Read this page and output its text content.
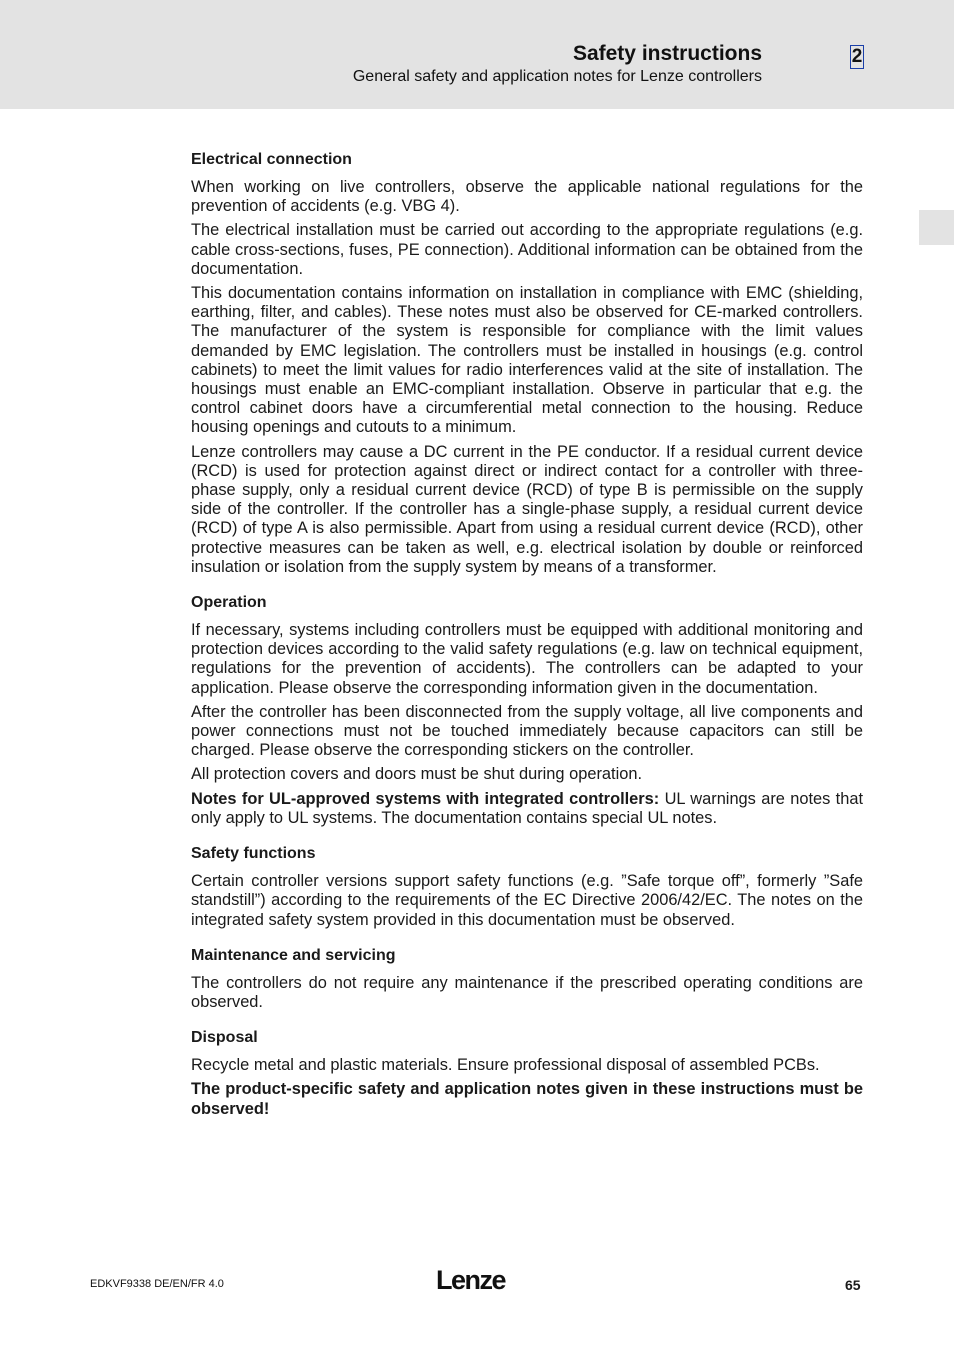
Safety instructions
General safety and application notes for Lenze controllers
2
Electrical connection

When working on live controllers, observe the applicable national regulations for the prevention of accidents (e.g. VBG 4).

The electrical installation must be carried out according to the appropriate regulations (e.g. cable cross-sections, fuses, PE connection). Additional information can be obtained from the documentation.

This documentation contains information on installation in compliance with EMC (shielding, earthing, filter, and cables). These notes must also be observed for CE-marked controllers. The manufacturer of the system is responsible for compliance with the limit values demanded by EMC legislation. The controllers must be installed in housings (e.g. control cabinets) to meet the limit values for radio interferences valid at the site of installation. The housings must enable an EMC-compliant installation. Observe in particular that e.g. the control cabinet doors have a circumferential metal connection to the housing. Reduce housing openings and cutouts to a minimum.

Lenze controllers may cause a DC current in the PE conductor. If a residual current device (RCD) is used for protection against direct or indirect contact for a controller with three-phase supply, only a residual current device (RCD) of type B is permissible on the supply side of the controller. If the controller has a single-phase supply, a residual current device (RCD) of type A is also permissible. Apart from using a residual current device (RCD), other protective measures can be taken as well, e.g. electrical isolation by double or reinforced insulation or isolation from the supply system by means of a transformer.

Operation

If necessary, systems including controllers must be equipped with additional monitoring and protection devices according to the valid safety regulations (e.g. law on technical equipment, regulations for the prevention of accidents). The controllers can be adapted to your application. Please observe the corresponding information given in the documentation.

After the controller has been disconnected from the supply voltage, all live components and power connections must not be touched immediately because capacitors can still be charged. Please observe the corresponding stickers on the controller.

All protection covers and doors must be shut during operation.

Notes for UL-approved systems with integrated controllers: UL warnings are notes that only apply to UL systems. The documentation contains special UL notes.

Safety functions

Certain controller versions support safety functions (e.g. ”Safe torque off”, formerly ”Safe standstill”) according to the requirements of the EC Directive 2006/42/EC. The notes on the integrated safety system provided in this documentation must be observed.

Maintenance and servicing

The controllers do not require any maintenance if the prescribed operating conditions are observed.

Disposal

Recycle metal and plastic materials. Ensure professional disposal of assembled PCBs.

The product-specific safety and application notes given in these instructions must be observed!

EDKVF9338 DE/EN/FR 4.0	Lenze	65
